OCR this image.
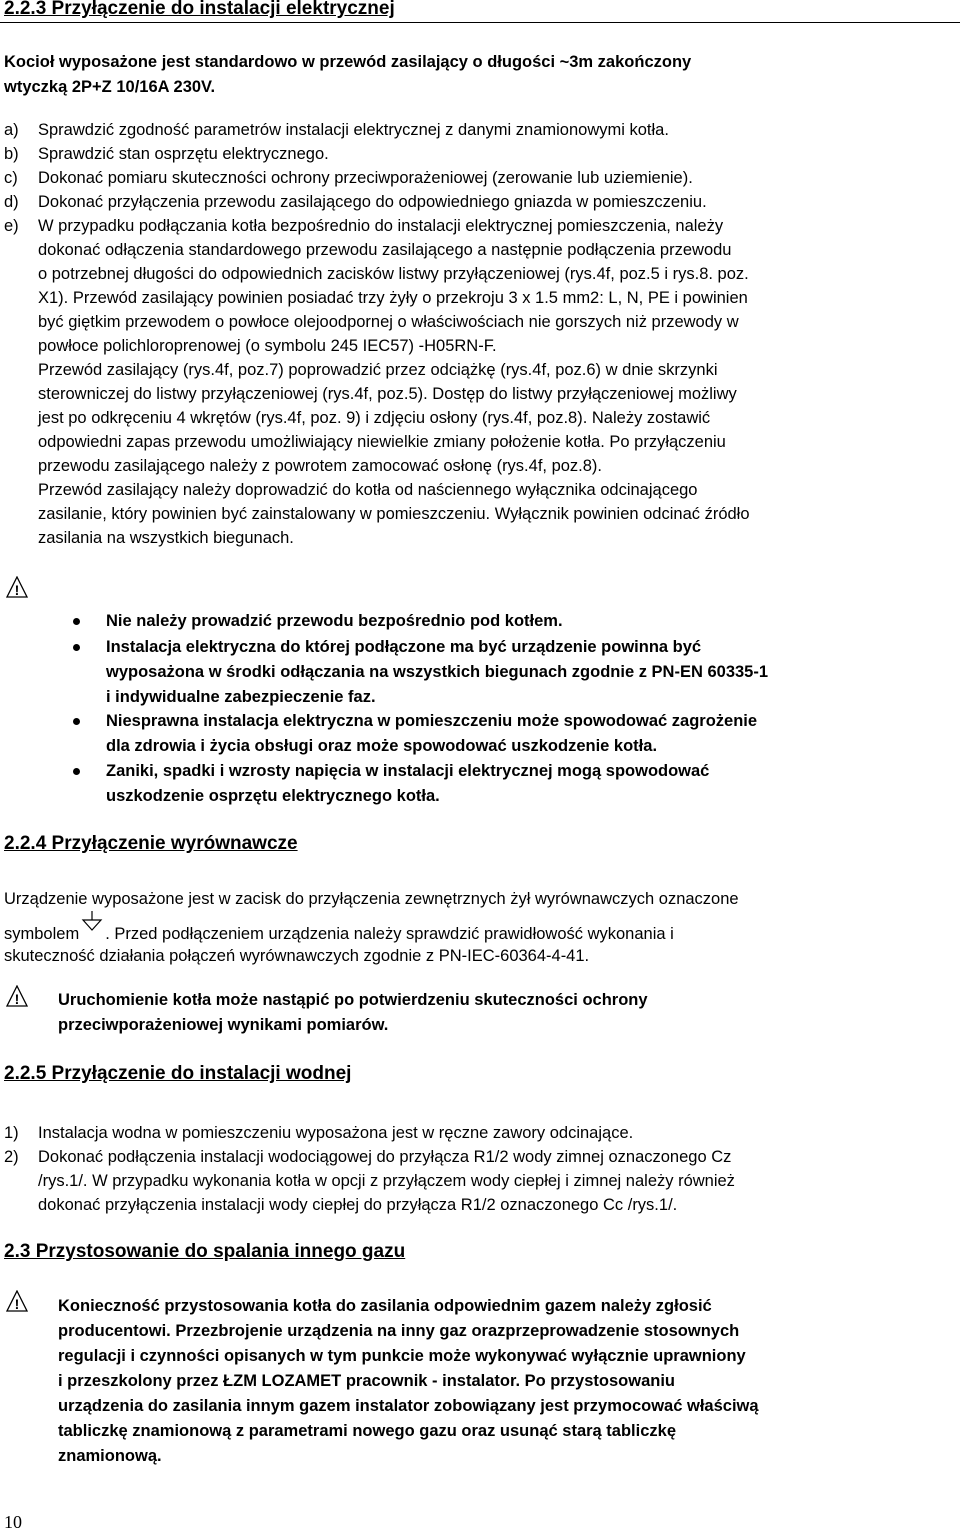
2.2.3 Przyłączenie do instalacji elektrycznej
Kocioł wyposażone jest standardowo w przewód zasilający o długości ~3m zakończony
wtyczką 2P+Z 10/16A 230V.
a) Sprawdzić zgodność parametrów instalacji elektrycznej z danymi znamionowymi kotła.
b) Sprawdzić stan osprzętu elektrycznego.
c) Dokonać pomiaru skuteczności ochrony przeciwporażeniowej (zerowanie lub uziemienie).
d) Dokonać przyłączenia przewodu zasilającego do odpowiedniego gniazda w pomieszczeniu.
e) W przypadku podłączania kotła bezpośrednio do instalacji elektrycznej pomieszczenia, należy
dokonać odłączenia standardowego przewodu zasilającego a następnie podłączenia przewodu
o potrzebnej długości do odpowiednich zacisków listwy przyłączeniowej (rys.4f, poz.5 i rys.8. poz.
X1). Przewód zasilający powinien posiadać trzy żyły o przekroju 3 x 1.5 mm2: L, N, PE i powinien
być giętkim przewodem o powłoce olejoodpornej o właściwościach nie gorszych niż przewody w
powłoce polichloroprenowej (o symbolu 245 IEC57) -H05RN-F.
Przewód zasilający (rys.4f, poz.7) poprowadzić przez odciążkę (rys.4f, poz.6) w dnie skrzynki
sterowniczej do listwy przyłączeniowej (rys.4f, poz.5). Dostęp do listwy przyłączeniowej możliwy
jest po odkręceniu 4 wkrętów (rys.4f, poz. 9) i zdjęciu osłony (rys.4f, poz.8). Należy zostawić
odpowiedni zapas przewodu umożliwiający niewielkie zmiany położenie kotła. Po przyłączeniu
przewodu zasilającego należy z powrotem zamocować osłonę (rys.4f, poz.8).
Przewód zasilający należy doprowadzić do kotła od naściennego wyłącznika odcinającego
zasilanie, który powinien być zainstalowany w pomieszczeniu. Wyłącznik powinien odcinać źródło
zasilania na wszystkich biegunach.
!
Nie należy prowadzić przewodu bezpośrednio pod kotłem.
Instalacja elektryczna do której podłączone ma być urządzenie powinna być
wyposażona w środki odłączania na wszystkich biegunach zgodnie z PN-EN 60335-1
i indywidualne zabezpieczenie faz.
Niesprawna instalacja elektryczna w pomieszczeniu może spowodować zagrożenie
dla zdrowia i życia obsługi oraz może spowodować uszkodzenie kotła.
Zaniki, spadki i wzrosty napięcia w instalacji elektrycznej mogą spowodować
uszkodzenie osprzętu elektrycznego kotła.
2.2.4 Przyłączenie wyrównawcze
Urządzenie wyposażone jest w zacisk do przyłączenia zewnętrznych żył wyrównawczych oznaczone
symbolem . Przed podłączeniem urządzenia należy sprawdzić prawidłowość wykonania i
skuteczność działania połączeń wyrównawczych zgodnie z PN-IEC-60364-4-41.
! Uruchomienie kotła może nastąpić po potwierdzeniu skuteczności ochrony
przeciwporażeniowej wynikami pomiarów.
2.2.5 Przyłączenie do instalacji wodnej
1) Instalacja wodna w pomieszczeniu wyposażona jest w ręczne zawory odcinające.
2) Dokonać podłączenia instalacji wodociągowej do przyłącza R1/2 wody zimnej oznaczonego Cz
/rys.1/. W przypadku wykonania kotła w opcji z przyłączem wody ciepłej i zimnej należy również
dokonać przyłączenia instalacji wody ciepłej do przyłącza R1/2 oznaczonego Cc /rys.1/.
2.3 Przystosowanie do spalania innego gazu
! Konieczność przystosowania kotła do zasilania odpowiednim gazem należy zgłosić
producentowi. Przezbrojenie urządzenia na inny gaz orazprzeprowadzenie stosownych
regulacji i czynności opisanych w tym punkcie może wykonywać wyłącznie uprawniony
i przeszkolony przez ŁZM LOZAMET pracownik - instalator. Po przystosowaniu
urządzenia do zasilania innym gazem instalator zobowiązany jest przymocować właściwą
tabliczkę znamionową z parametrami nowego gazu oraz usunąć starą tabliczkę
znamionową.
10
